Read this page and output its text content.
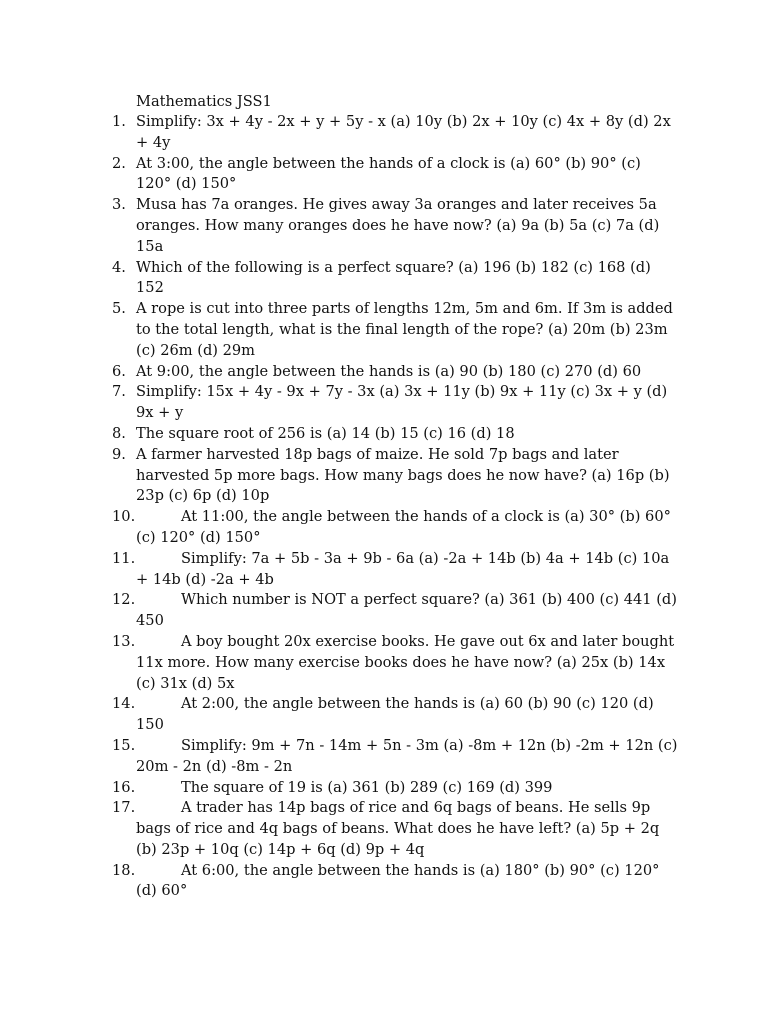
Mathematics JSS1
1. Simplify: 3x + 4y - 2x + y + 5y - x (a) 10y (b) 2x + 10y (c) 4x + 8y (d) 2x + 4y
2. At 3:00, the angle between the hands of a clock is (a) 60° (b) 90° (c) 120° (d) 150°
3. Musa has 7a oranges. He gives away 3a oranges and later receives 5a oranges. How many oranges does he have now? (a) 9a (b) 5a (c) 7a (d) 15a
4. Which of the following is a perfect square? (a) 196 (b) 182 (c) 168 (d) 152
5. A rope is cut into three parts of lengths 12m, 5m and 6m. If 3m is added to the total length, what is the final length of the rope? (a) 20m (b) 23m (c) 26m (d) 29m
6. At 9:00, the angle between the hands is (a) 90 (b) 180 (c) 270 (d) 60
7. Simplify: 15x + 4y - 9x + 7y - 3x (a) 3x + 11y (b) 9x + 11y (c) 3x + y (d) 9x + y
8. The square root of 256 is (a) 14 (b) 15 (c) 16 (d) 18
9. A farmer harvested 18p bags of maize. He sold 7p bags and later harvested 5p more bags. How many bags does he now have? (a) 16p (b) 23p (c) 6p (d) 10p
10.	At 11:00, the angle between the hands of a clock is (a) 30° (b) 60° (c) 120° (d) 150°
11.	Simplify: 7a + 5b - 3a + 9b - 6a (a) -2a + 14b (b) 4a + 14b (c) 10a + 14b (d) -2a + 4b
12.	Which number is NOT a perfect square? (a) 361 (b) 400 (c) 441 (d) 450
13.	A boy bought 20x exercise books. He gave out 6x and later bought 11x more. How many exercise books does he have now? (a) 25x (b) 14x (c) 31x (d) 5x
14.	At 2:00, the angle between the hands is (a) 60 (b) 90 (c) 120 (d) 150
15.	Simplify: 9m + 7n - 14m + 5n - 3m (a) -8m + 12n (b) -2m + 12n (c) 20m - 2n (d) -8m - 2n
16.	The square of 19 is (a) 361 (b) 289 (c) 169 (d) 399
17.	A trader has 14p bags of rice and 6q bags of beans. He sells 9p bags of rice and 4q bags of beans. What does he have left? (a) 5p + 2q (b) 23p + 10q (c) 14p + 6q (d) 9p + 4q
18.	At 6:00, the angle between the hands is (a) 180° (b) 90° (c) 120° (d) 60°
